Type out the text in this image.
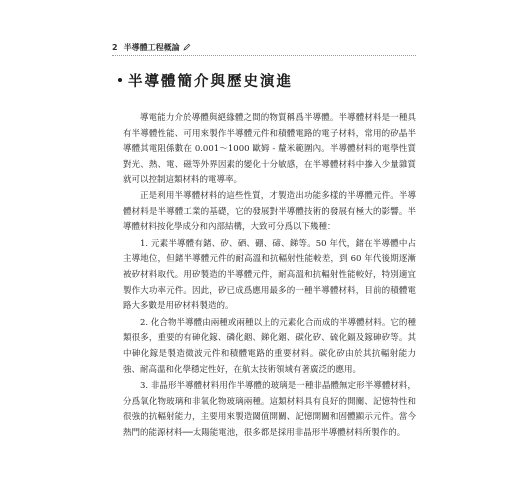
2 半導體工程概論
半導體簡介與歷史演進

導電能力介於導體與絕緣體之間的物質稱爲半導體。半導體材料是一種具有半導體性能、可用來製作半導體元件和積體電路的電子材料，常用的矽晶半導體其電阻係數在 0.001～1000 歐姆 - 釐米範圍內。半導體材料的電學性質對光、熱、電、磁等外界因素的變化十分敏感，在半導體材料中摻入少量雜質就可以控制這類材料的電導率。

正是利用半導體材料的這些性質，才製造出功能多樣的半導體元件。半導體材料是半導體工業的基礎，它的發展對半導體技術的發展有極大的影響。半導體材料按化學成分和內部結構，大致可分爲以下幾種：

1. 元素半導體有鍺、矽、硒、硼、碲、銻等。50 年代，鍺在半導體中占主導地位，但鍺半導體元件的耐高溫和抗輻射性能較差，到 60 年代後期逐漸被矽材料取代。用矽製造的半導體元件，耐高溫和抗輻射性能較好，特別適宜製作大功率元件。因此，矽已成爲應用最多的一種半導體材料，目前的積體電路大多數是用矽材料製造的。

2. 化合物半導體由兩種或兩種以上的元素化合而成的半導體材料。它的種類很多，重要的有砷化鎵、磷化銦、銻化銦、碳化矽、硫化鎘及鎵砷矽等。其中砷化鎵是製造微波元件和積體電路的重要材料。碳化矽由於其抗輻射能力強、耐高溫和化學穩定性好，在航太技術領域有著廣泛的應用。

3. 非晶形半導體材料用作半導體的玻璃是一種非晶體無定形半導體材料，分爲氧化物玻璃和非氧化物玻璃兩種。這類材料具有良好的開關、記憶特性和很強的抗輻射能力，主要用來製造閾值開關、記憶開關和固體顯示元件。當今熱門的能源材料──太陽能電池，很多都是採用非晶形半導體材料所製作的。
